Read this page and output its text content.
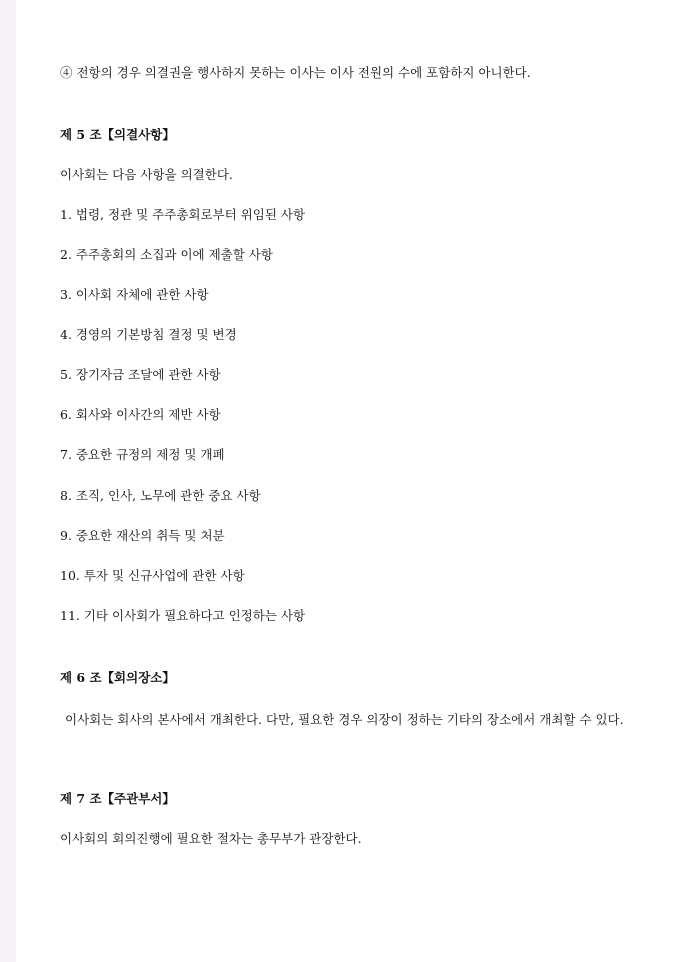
④ 전항의 경우 의결권을 행사하지 못하는 이사는 이사 전원의 수에 포함하지 아니한다.
제 5 조【의결사항】
이사회는 다음 사항을 의결한다.
1. 법령, 정관 및 주주총회로부터 위임된 사항
2. 주주총회의 소집과 이에 제출할 사항
3. 이사회 자체에 관한 사항
4. 경영의 기본방침 결정 및 변경
5. 장기자금 조달에 관한 사항
6. 회사와 이사간의 제반 사항
7. 중요한 규정의 제정 및 개폐
8. 조직, 인사, 노무에 관한 중요 사항
9. 중요한 재산의 취득 및 처분
10. 투자 및 신규사업에 관한 사항
11. 기타 이사회가 필요하다고 인정하는 사항
제 6 조【회의장소】
이사회는 회사의 본사에서 개최한다. 다만, 필요한 경우 의장이 정하는 기타의 장소에서 개최할 수 있다.
제 7 조【주관부서】
이사회의 회의진행에 필요한 절차는 총무부가 관장한다.
